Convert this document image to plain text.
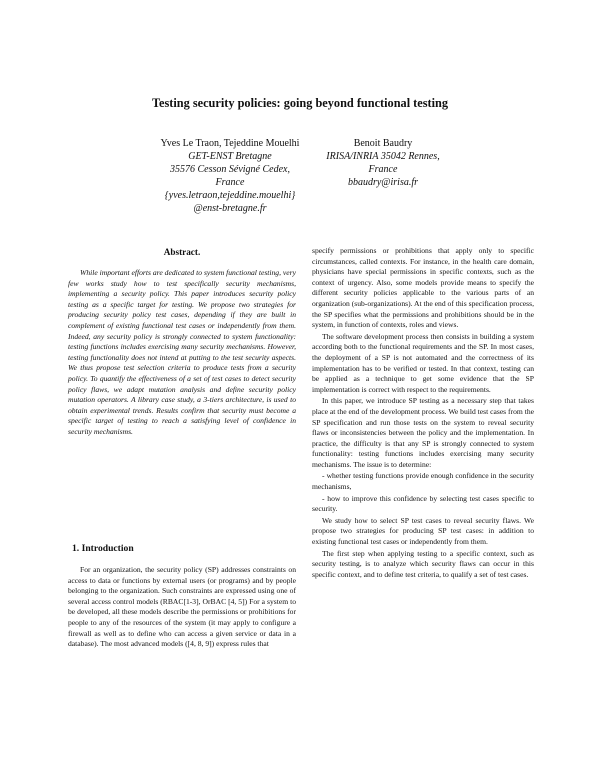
Testing security policies: going beyond functional testing
Yves Le Traon, Tejeddine Mouelhi
GET-ENST Bretagne
35576 Cesson Sévigné Cedex,
France
{yves.letraon,tejeddine.mouelhi}
@enst-bretagne.fr
Benoit Baudry
IRISA/INRIA 35042 Rennes,
France
bbaudry@irisa.fr
Abstract.

While important efforts are dedicated to system functional testing, very few works study how to test specifically security mechanisms, implementing a security policy. This paper introduces security policy testing as a specific target for testing. We propose two strategies for producing security policy test cases, depending if they are built in complement of existing functional test cases or independently from them. Indeed, any security policy is strongly connected to system functionality: testing functions includes exercising many security mechanisms. However, testing functionality does not intend at putting to the test security aspects. We thus propose test selection criteria to produce tests from a security policy. To quantify the effectiveness of a set of test cases to detect security policy flaws, we adapt mutation analysis and define security policy mutation operators. A library case study, a 3-tiers architecture, is used to obtain experimental trends. Results confirm that security must become a specific target of testing to reach a satisfying level of confidence in security mechanisms.

1. Introduction

For an organization, the security policy (SP) addresses constraints on access to data or functions by external users (or programs) and by people belonging to the organization. Such constraints are expressed using one of several access control models (RBAC[1-3], OrBAC [4, 5]) For a system to be developed, all these models describe the permissions or prohibitions for people to any of the resources of the system (it may apply to configure a firewall as well as to define who can access a given service or data in a database). The most advanced models ([4, 8, 9]) express rules that

specify permissions or prohibitions that apply only to specific circumstances, called contexts. For instance, in the health care domain, physicians have special permissions in specific contexts, such as the context of urgency. Also, some models provide means to specify the different security policies applicable to the various parts of an organization (sub-organizations). At the end of this specification process, the SP specifies what the permissions and prohibitions should be in the system, in function of contexts, roles and views.

The software development process then consists in building a system according both to the functional requirements and the SP. In most cases, the deployment of a SP is not automated and the correctness of its implementation has to be verified or tested. In that context, testing can be applied as a technique to get some evidence that the SP implementation is correct with respect to the requirements.

In this paper, we introduce SP testing as a necessary step that takes place at the end of the development process. We build test cases from the SP specification and run those tests on the system to reveal security flaws or inconsistencies between the policy and the implementation. In practice, the difficulty is that any SP is strongly connected to system functionality: testing functions includes exercising many security mechanisms. The issue is to determine:

- whether testing functions provide enough confidence in the security mechanisms,

- how to improve this confidence by selecting test cases specific to security.

We study how to select SP test cases to reveal security flaws. We propose two strategies for producing SP test cases: in addition to existing functional test cases or independently from them.

The first step when applying testing to a specific context, such as security testing, is to analyze which security flaws can occur in this specific context, and to define test criteria, to qualify a set of test cases.
